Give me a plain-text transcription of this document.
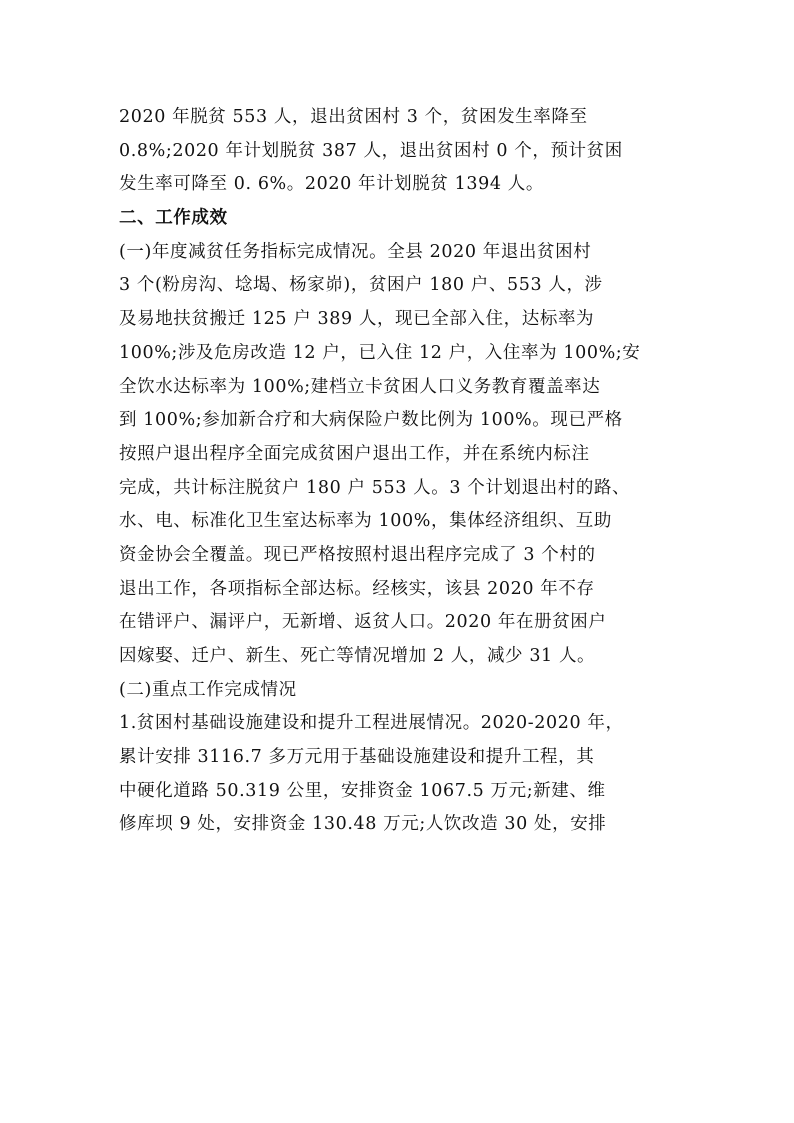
2020 年脱贫 553 人，退出贫困村 3 个，贫困发生率降至
0.8%;2020 年计划脱贫 387 人，退出贫困村 0 个，预计贫困
发生率可降至 0. 6%。2020 年计划脱贫 1394 人。
二、工作成效
(一)年度减贫任务指标完成情况。全县 2020 年退出贫困村
3 个(粉房沟、埝堨、杨家峁)，贫困户 180 户、553 人，涉
及易地扶贫搬迁 125 户 389 人，现已全部入住，达标率为
100%;涉及危房改造 12 户，已入住 12 户，入住率为 100%;安
全饮水达标率为 100%;建档立卡贫困人口义务教育覆盖率达
到 100%;参加新合疗和大病保险户数比例为 100%。现已严格
按照户退出程序全面完成贫困户退出工作，并在系统内标注
完成，共计标注脱贫户 180 户 553 人。3 个计划退出村的路、
水、电、标准化卫生室达标率为 100%，集体经济组织、互助
资金协会全覆盖。现已严格按照村退出程序完成了 3 个村的
退出工作，各项指标全部达标。经核实，该县 2020 年不存
在错评户、漏评户，无新增、返贫人口。2020 年在册贫困户
因嫁娶、迁户、新生、死亡等情况增加 2 人，减少 31 人。
(二)重点工作完成情况
1.贫困村基础设施建设和提升工程进展情况。2020-2020 年，
累计安排 3116.7 多万元用于基础设施建设和提升工程，其
中硬化道路 50.319 公里，安排资金 1067.5 万元;新建、维
修库坝 9 处，安排资金 130.48 万元;人饮改造 30 处，安排
